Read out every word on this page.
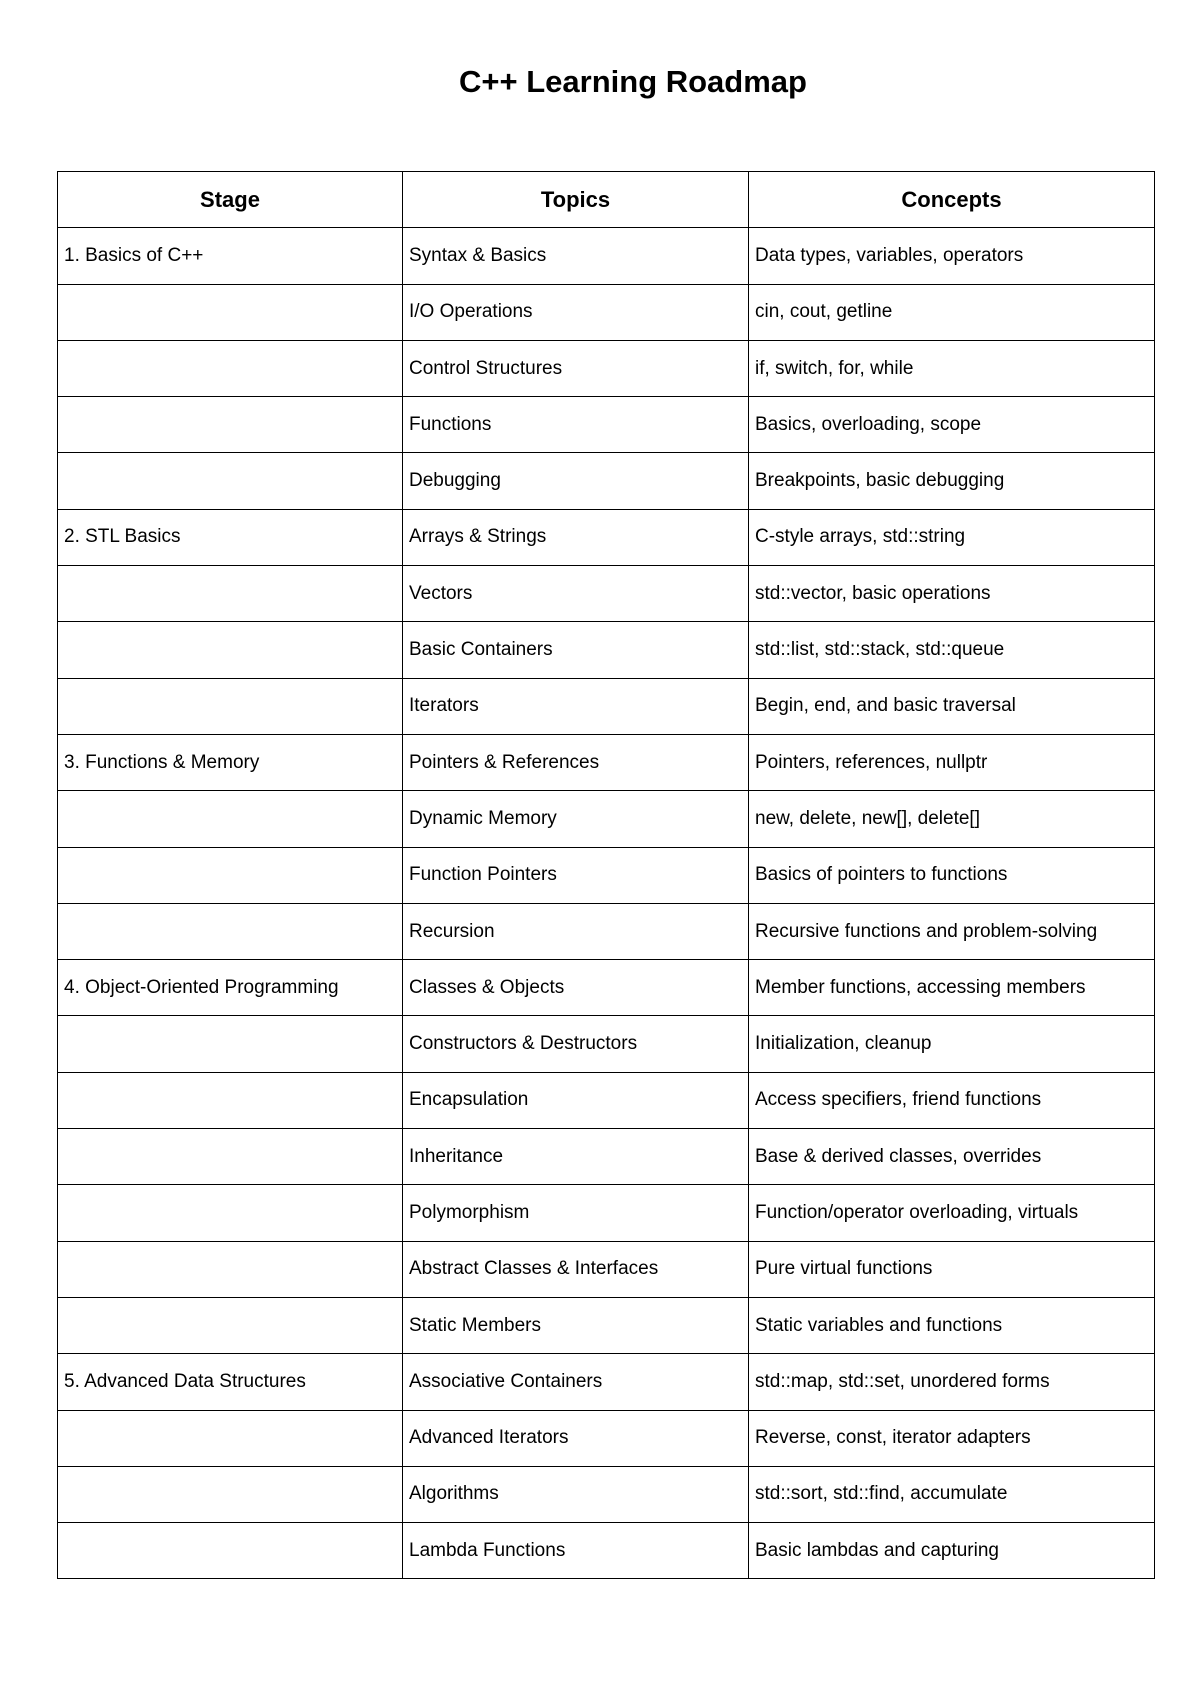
C++ Learning Roadmap
Stage	Topics	Concepts
1. Basics of C++	Syntax & Basics	Data types, variables, operators
	I/O Operations	cin, cout, getline
	Control Structures	if, switch, for, while
	Functions	Basics, overloading, scope
	Debugging	Breakpoints, basic debugging
2. STL Basics	Arrays & Strings	C-style arrays, std::string
	Vectors	std::vector, basic operations
	Basic Containers	std::list, std::stack, std::queue
	Iterators	Begin, end, and basic traversal
3. Functions & Memory	Pointers & References	Pointers, references, nullptr
	Dynamic Memory	new, delete, new[], delete[]
	Function Pointers	Basics of pointers to functions
	Recursion	Recursive functions and problem-solving
4. Object-Oriented Programming	Classes & Objects	Member functions, accessing members
	Constructors & Destructors	Initialization, cleanup
	Encapsulation	Access specifiers, friend functions
	Inheritance	Base & derived classes, overrides
	Polymorphism	Function/operator overloading, virtuals
	Abstract Classes & Interfaces	Pure virtual functions
	Static Members	Static variables and functions
5. Advanced Data Structures	Associative Containers	std::map, std::set, unordered forms
	Advanced Iterators	Reverse, const, iterator adapters
	Algorithms	std::sort, std::find, accumulate
	Lambda Functions	Basic lambdas and capturing
